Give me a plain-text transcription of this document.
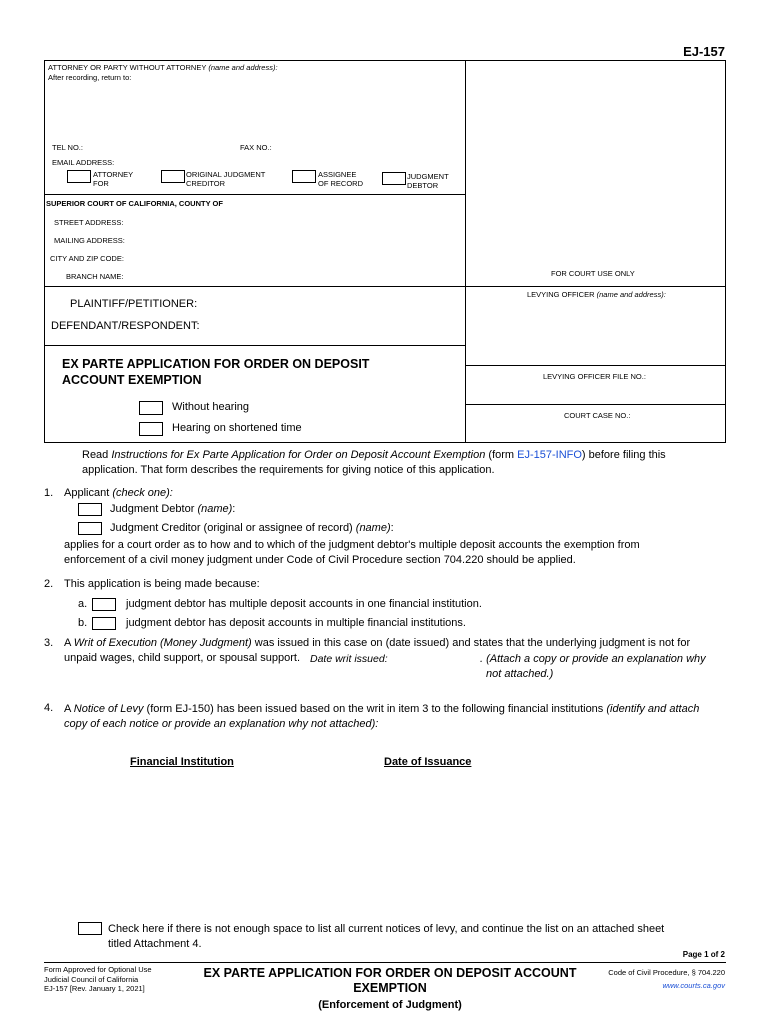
EJ-157
ATTORNEY OR PARTY WITHOUT ATTORNEY (name and address):
After recording, return to:
TEL NO.:	FAX NO.:
EMAIL ADDRESS:
ATTORNEY
FOR
ORIGINAL JUDGMENT
CREDITOR
ASSIGNEE
OF RECORD
JUDGMENT
DEBTOR
SUPERIOR COURT OF CALIFORNIA, COUNTY OF
STREET ADDRESS:
MAILING ADDRESS:
CITY AND ZIP CODE:
BRANCH NAME:	FOR COURT USE ONLY
LEVYING OFFICER (name and address):
LEVYING OFFICER FILE NO.:
COURT CASE NO.:
PLAINTIFF/PETITIONER:
DEFENDANT/RESPONDENT:
EX PARTE APPLICATION FOR ORDER ON DEPOSIT
ACCOUNT EXEMPTION
Without hearing
Hearing on shortened time
Read Instructions for Ex Parte Application for Order on Deposit Account Exemption (form EJ-157-INFO) before filing this
application. That form describes the requirements for giving notice of this application.
1. Applicant (check one):
Judgment Debtor (name):
Judgment Creditor (original or assignee of record) (name):
applies for a court order as to how and to which of the judgment debtor's multiple deposit accounts the exemption from
enforcement of a civil money judgment under Code of Civil Procedure section 704.220 should be applied.
2. This application is being made because:
a.	judgment debtor has multiple deposit accounts in one financial institution.
b.	judgment debtor has deposit accounts in multiple financial institutions.
3. A Writ of Execution (Money Judgment) was issued in this case on (date issued) and states that the underlying judgment is not for
unpaid wages, child support, or spousal support. Date writ issued:	. (Attach a copy or provide an explanation why
not attached.)
4. A Notice of Levy (form EJ-150) has been issued based on the writ in item 3 to the following financial institutions (identify and attach
copy of each notice or provide an explanation why not attached):
Financial Institution	Date of Issuance
Check here if there is not enough space to list all current notices of levy, and continue the list on an attached sheet
titled Attachment 4.
Page 1 of 2
Form Approved for Optional Use
Judicial Council of California
EJ-157 [Rev. January 1, 2021]
EX PARTE APPLICATION FOR ORDER ON DEPOSIT ACCOUNT
EXEMPTION
(Enforcement of Judgment)
Code of Civil Procedure, § 704.220
www.courts.ca.gov
